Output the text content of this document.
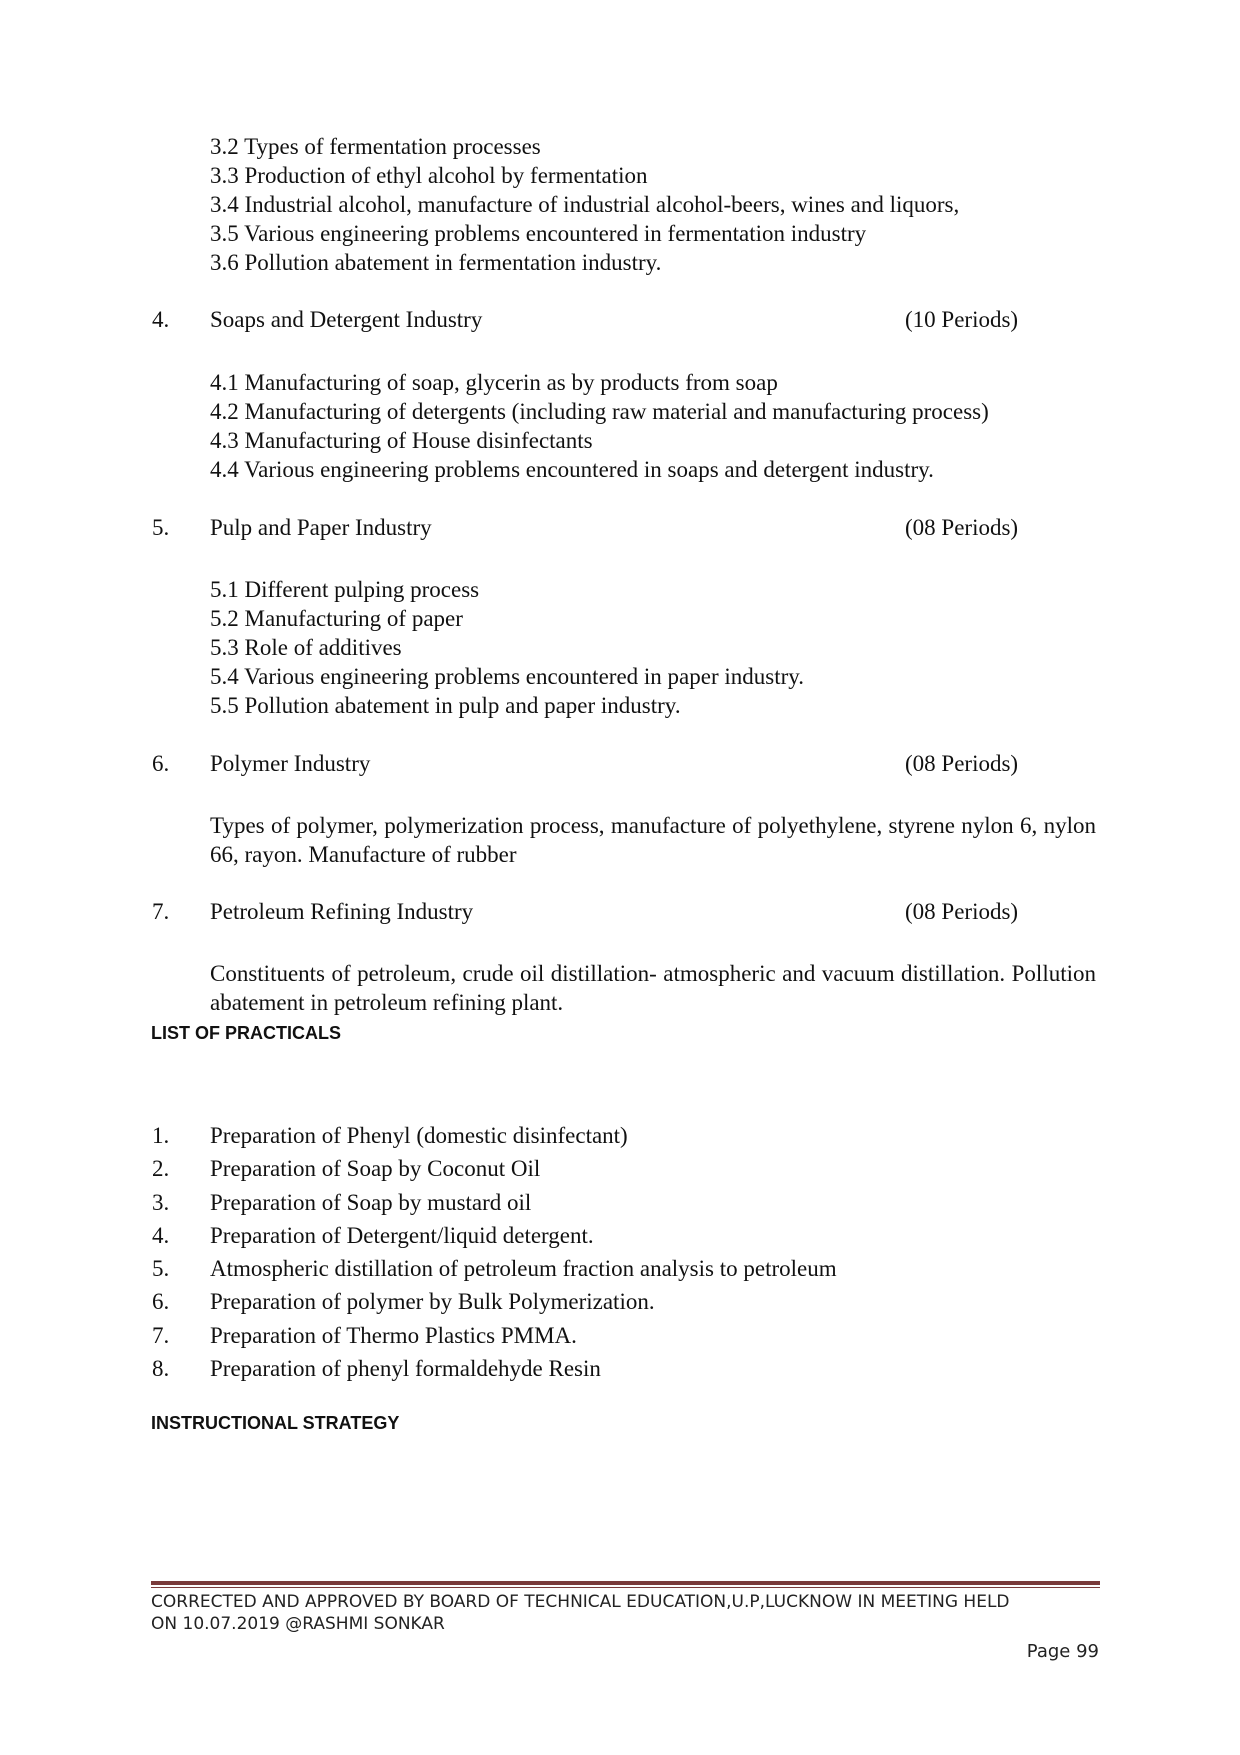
3.2 Types of fermentation processes
3.3 Production of ethyl alcohol by fermentation
3.4 Industrial alcohol, manufacture of industrial alcohol-beers, wines and liquors,
3.5 Various engineering problems encountered in fermentation industry
3.6 Pollution abatement in fermentation industry.
4. Soaps and Detergent Industry	(10 Periods)
4.1 Manufacturing of soap, glycerin as by products from soap
4.2 Manufacturing of detergents (including raw material and manufacturing process)
4.3 Manufacturing of House disinfectants
4.4 Various engineering problems encountered in soaps and detergent industry.
5. Pulp and Paper Industry	(08 Periods)
5.1 Different pulping process
5.2 Manufacturing of paper
5.3 Role of additives
5.4 Various engineering problems encountered in paper industry.
5.5 Pollution abatement in pulp and paper industry.
6. Polymer Industry	(08 Periods)
Types of polymer, polymerization process, manufacture of polyethylene, styrene nylon 6, nylon 66, rayon. Manufacture of rubber
7. Petroleum Refining Industry	(08 Periods)
Constituents of petroleum, crude oil distillation- atmospheric and vacuum distillation. Pollution abatement in petroleum refining plant.
LIST OF PRACTICALS
1. Preparation of Phenyl (domestic disinfectant)
2. Preparation of Soap by Coconut Oil
3. Preparation of Soap by mustard oil
4. Preparation of Detergent/liquid detergent.
5. Atmospheric distillation of petroleum fraction analysis to petroleum
6. Preparation of polymer by Bulk Polymerization.
7. Preparation of Thermo Plastics PMMA.
8. Preparation of phenyl formaldehyde Resin
INSTRUCTIONAL STRATEGY
CORRECTED AND APPROVED BY BOARD OF TECHNICAL EDUCATION,U.P,LUCKNOW IN MEETING HELD
ON 10.07.2019 @RASHMI SONKAR
Page 99
